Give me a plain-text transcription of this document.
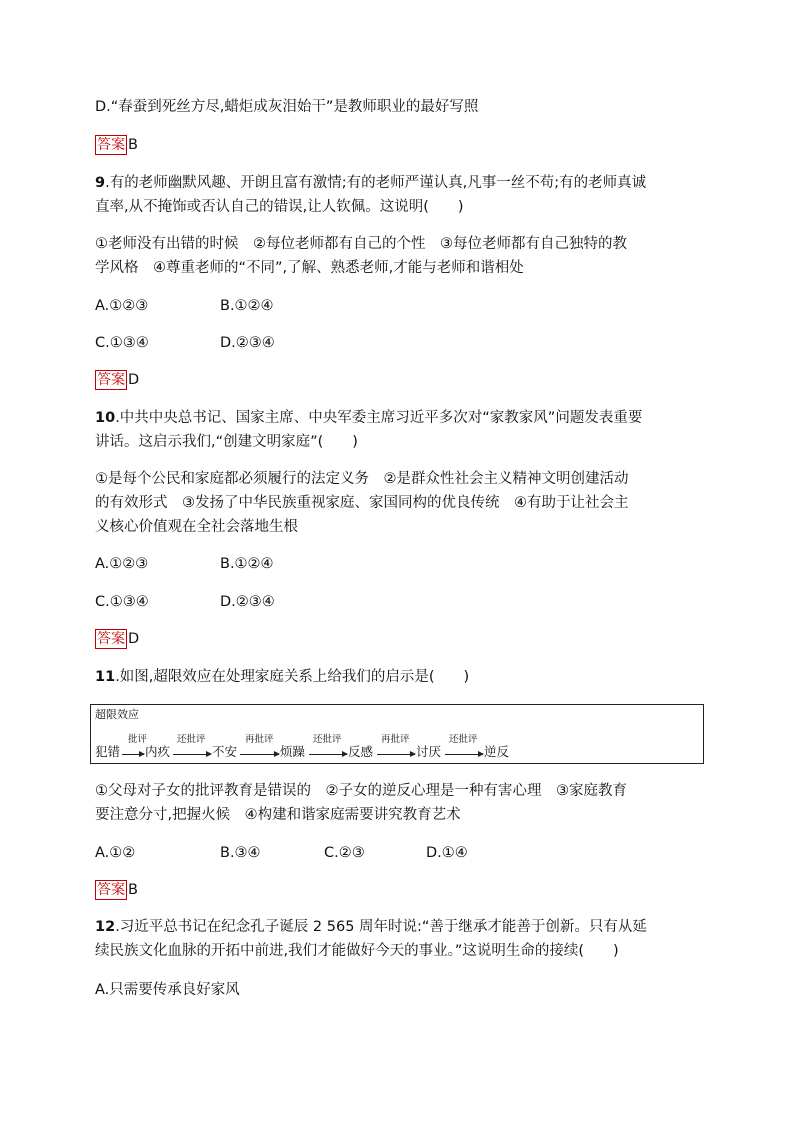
D.“春蚕到死丝方尽,蜡炬成灰泪始干”是教师职业的最好写照
答案 B
9.有的老师幽默风趣、开朗且富有激情;有的老师严谨认真,凡事一丝不苟;有的老师真诚
直率,从不掩饰或否认自己的错误,让人钦佩。这说明(　　)
①老师没有出错的时候　②每位老师都有自己的个性　③每位老师都有自己独特的教
学风格　④尊重老师的“不同”,了解、熟悉老师,才能与老师和谐相处
A.①②③	B.①②④
C.①③④	D.②③④
答案 D
10.中共中央总书记、国家主席、中央军委主席习近平多次对“家教家风”问题发表重要
讲话。这启示我们,“创建文明家庭”(　　)
①是每个公民和家庭都必须履行的法定义务　②是群众性社会主义精神文明创建活动
的有效形式　③发扬了中华民族重视家庭、家国同构的优良传统　④有助于让社会主
义核心价值观在全社会落地生根
A.①②③	B.①②④
C.①③④	D.②③④
答案 D
11.如图,超限效应在处理家庭关系上给我们的启示是(　　)
超限效应
犯错
批评
内疚
还批评
不安
再批评
烦躁
还批评
反感
再批评
讨厌
还批评
逆反
①父母对子女的批评教育是错误的　②子女的逆反心理是一种有害心理　③家庭教育
要注意分寸,把握火候　④构建和谐家庭需要讲究教育艺术
A.①②	B.③④	C.②③	D.①④
答案 B
12.习近平总书记在纪念孔子诞辰 2 565 周年时说:“善于继承才能善于创新。只有从延
续民族文化血脉的开拓中前进,我们才能做好今天的事业。”这说明生命的接续(　　)
A.只需要传承良好家风
